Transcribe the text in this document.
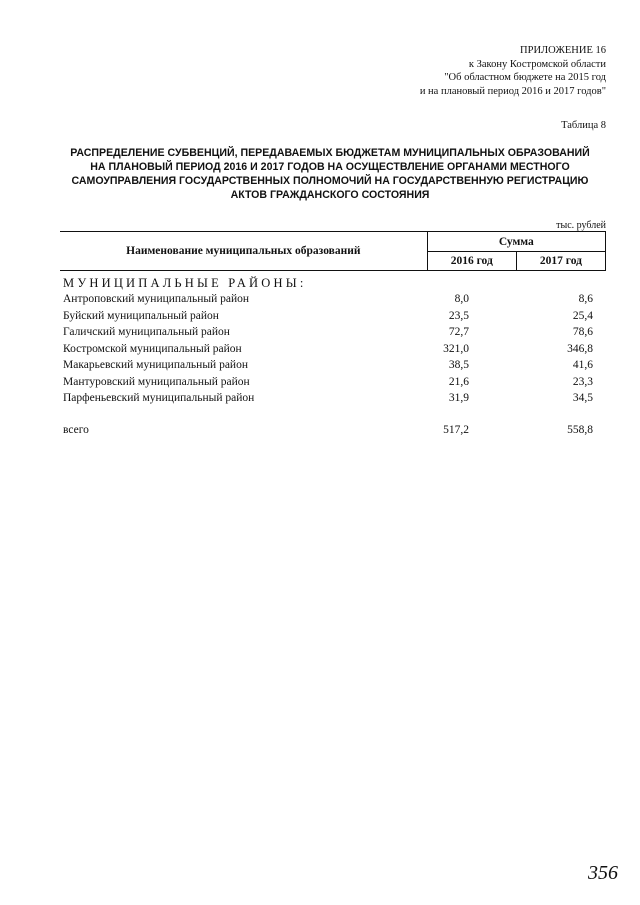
ПРИЛОЖЕНИЕ 16
к Закону Костромской области
"Об областном бюджете на 2015 год
и на плановый период 2016 и 2017 годов"
Таблица 8
РАСПРЕДЕЛЕНИЕ СУБВЕНЦИЙ, ПЕРЕДАВАЕМЫХ БЮДЖЕТАМ МУНИЦИПАЛЬНЫХ ОБРАЗОВАНИЙ
НА ПЛАНОВЫЙ ПЕРИОД 2016 И 2017 ГОДОВ НА ОСУЩЕСТВЛЕНИЕ ОРГАНАМИ МЕСТНОГО
САМОУПРАВЛЕНИЯ ГОСУДАРСТВЕННЫХ ПОЛНОМОЧИЙ НА ГОСУДАРСТВЕННУЮ РЕГИСТРАЦИЮ
АКТОВ ГРАЖДАНСКОГО СОСТОЯНИЯ
тыс. рублей
Наименование муниципальных образований	Сумма	
	2016 год	2017 год
МУНИЦИПАЛЬНЫЕ РАЙОНЫ:
Антроповский муниципальный район	8,0	8,6
Буйский муниципальный район	23,5	25,4
Галичский муниципальный район	72,7	78,6
Костромской муниципальный район	321,0	346,8
Макарьевский муниципальный район	38,5	41,6
Мантуровский муниципальный район	21,6	23,3
Парфеньевский муниципальный район	31,9	34,5
всего	517,2	558,8
356
